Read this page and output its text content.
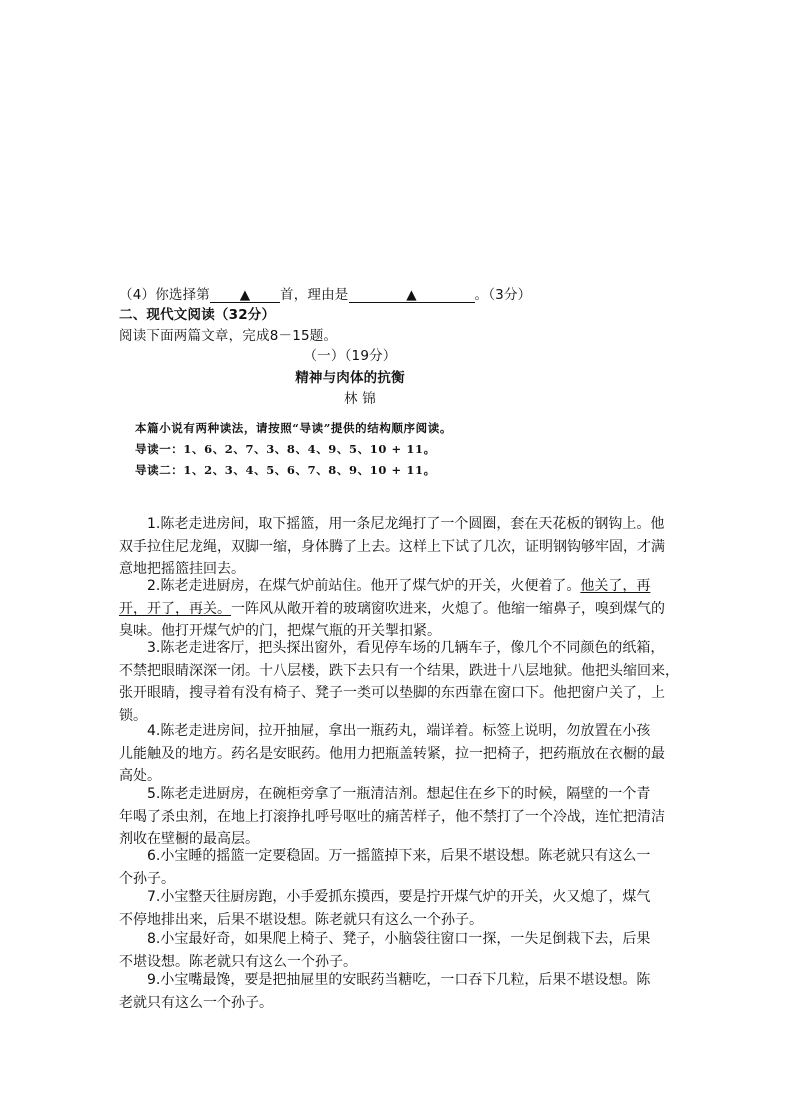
（4）你选择第 ▲ 首，理由是	▲	。（3分）
二、现代文阅读（32分）
阅读下面两篇文章，完成8－15题。
（一）（19分）
精神与肉体的抗衡
林 锦
本篇小说有两种读法，请按照“导读”提供的结构顺序阅读。
导读一：1、6、2、7、3、8、4、9、5、10 + 11。
导读二：1、2、3、4、5、6、7、8、9、10 + 11。

　　1.陈老走进房间，取下摇篮，用一条尼龙绳打了一个圆圈，套在天花板的钢钩上。他

双手拉住尼龙绳，双脚一缩，身体腾了上去。这样上下试了几次，证明钢钩够牢固，才满

意地把摇篮挂回去。

　　2.陈老走进厨房，在煤气炉前站住。他开了煤气炉的开关，火便着了。他关了，再

开，开了，再关。一阵风从敞开着的玻璃窗吹进来，火熄了。他缩一缩鼻子，嗅到煤气的

臭味。他打开煤气炉的门，把煤气瓶的开关掣扣紧。

　　3.陈老走进客厅，把头探出窗外，看见停车场的几辆车子，像几个不同颜色的纸箱，

不禁把眼睛深深一闭。十八层楼，跌下去只有一个结果，跌进十八层地狱。他把头缩回来，

张开眼睛，搜寻着有没有椅子、凳子一类可以垫脚的东西靠在窗口下。他把窗户关了，上

锁。

　　4.陈老走进房间，拉开抽屉，拿出一瓶药丸，端详着。标签上说明，勿放置在小孩

儿能触及的地方。药名是安眠药。他用力把瓶盖转紧，拉一把椅子，把药瓶放在衣橱的最

高处。

　　5.陈老走进厨房，在碗柜旁拿了一瓶清洁剂。想起住在乡下的时候，隔壁的一个青

年喝了杀虫剂，在地上打滚挣扎呼号呕吐的痛苦样子，他不禁打了一个冷战，连忙把清洁

剂收在壁橱的最高层。

　　6.小宝睡的摇篮一定要稳固。万一摇篮掉下来，后果不堪设想。陈老就只有这么一

个孙子。

　　7.小宝整天往厨房跑，小手爱抓东摸西，要是拧开煤气炉的开关，火又熄了，煤气

不停地排出来，后果不堪设想。陈老就只有这么一个孙子。

　　8.小宝最好奇，如果爬上椅子、凳子，小脑袋往窗口一探，一失足倒栽下去，后果

不堪设想。陈老就只有这么一个孙子。

　　9.小宝嘴最馋，要是把抽屉里的安眠药当糖吃，一口吞下几粒，后果不堪设想。陈

老就只有这么一个孙子。
